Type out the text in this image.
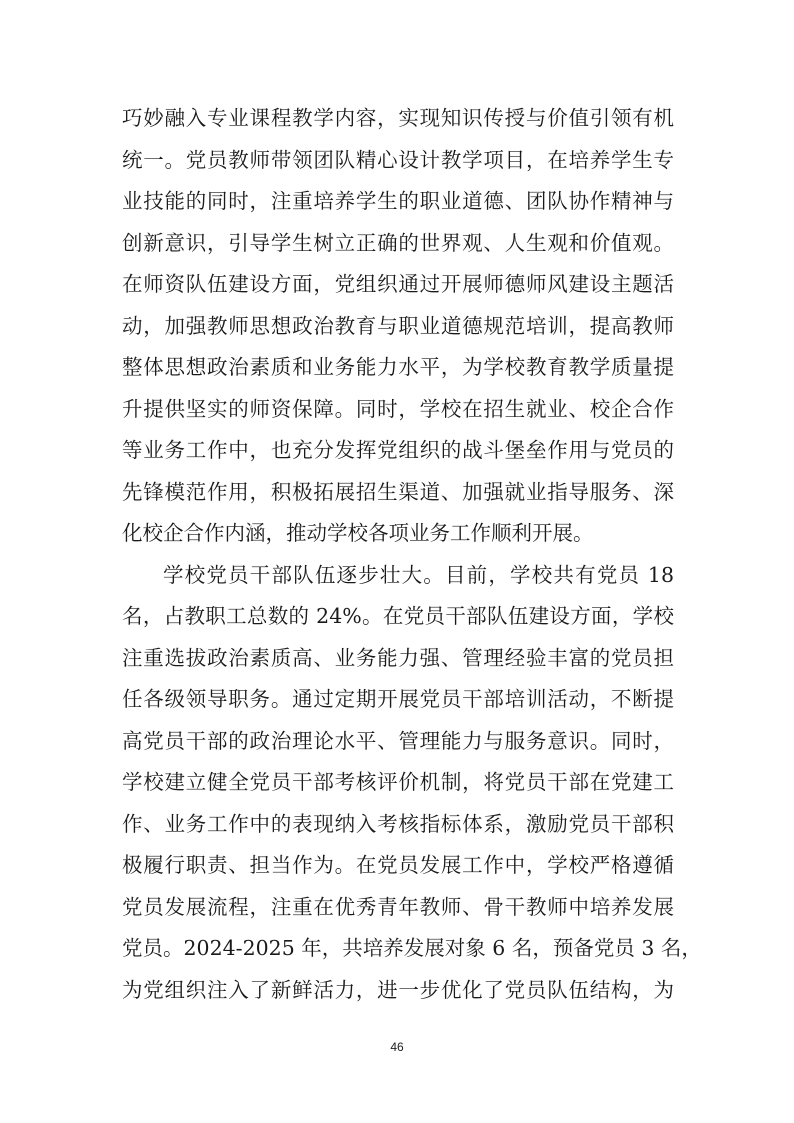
巧妙融入专业课程教学内容，实现知识传授与价值引领有机
统一。党员教师带领团队精心设计教学项目，在培养学生专
业技能的同时，注重培养学生的职业道德、团队协作精神与
创新意识，引导学生树立正确的世界观、人生观和价值观。
在师资队伍建设方面，党组织通过开展师德师风建设主题活
动，加强教师思想政治教育与职业道德规范培训，提高教师
整体思想政治素质和业务能力水平，为学校教育教学质量提
升提供坚实的师资保障。同时，学校在招生就业、校企合作
等业务工作中，也充分发挥党组织的战斗堡垒作用与党员的
先锋模范作用，积极拓展招生渠道、加强就业指导服务、深
化校企合作内涵，推动学校各项业务工作顺利开展。
学校党员干部队伍逐步壮大。目前，学校共有党员 18
名，占教职工总数的 24%。在党员干部队伍建设方面，学校
注重选拔政治素质高、业务能力强、管理经验丰富的党员担
任各级领导职务。通过定期开展党员干部培训活动，不断提
高党员干部的政治理论水平、管理能力与服务意识。同时，
学校建立健全党员干部考核评价机制，将党员干部在党建工
作、业务工作中的表现纳入考核指标体系，激励党员干部积
极履行职责、担当作为。在党员发展工作中，学校严格遵循
党员发展流程，注重在优秀青年教师、骨干教师中培养发展
党员。2024-2025 年，共培养发展对象 6 名，预备党员 3 名，
为党组织注入了新鲜活力，进一步优化了党员队伍结构，为
46
